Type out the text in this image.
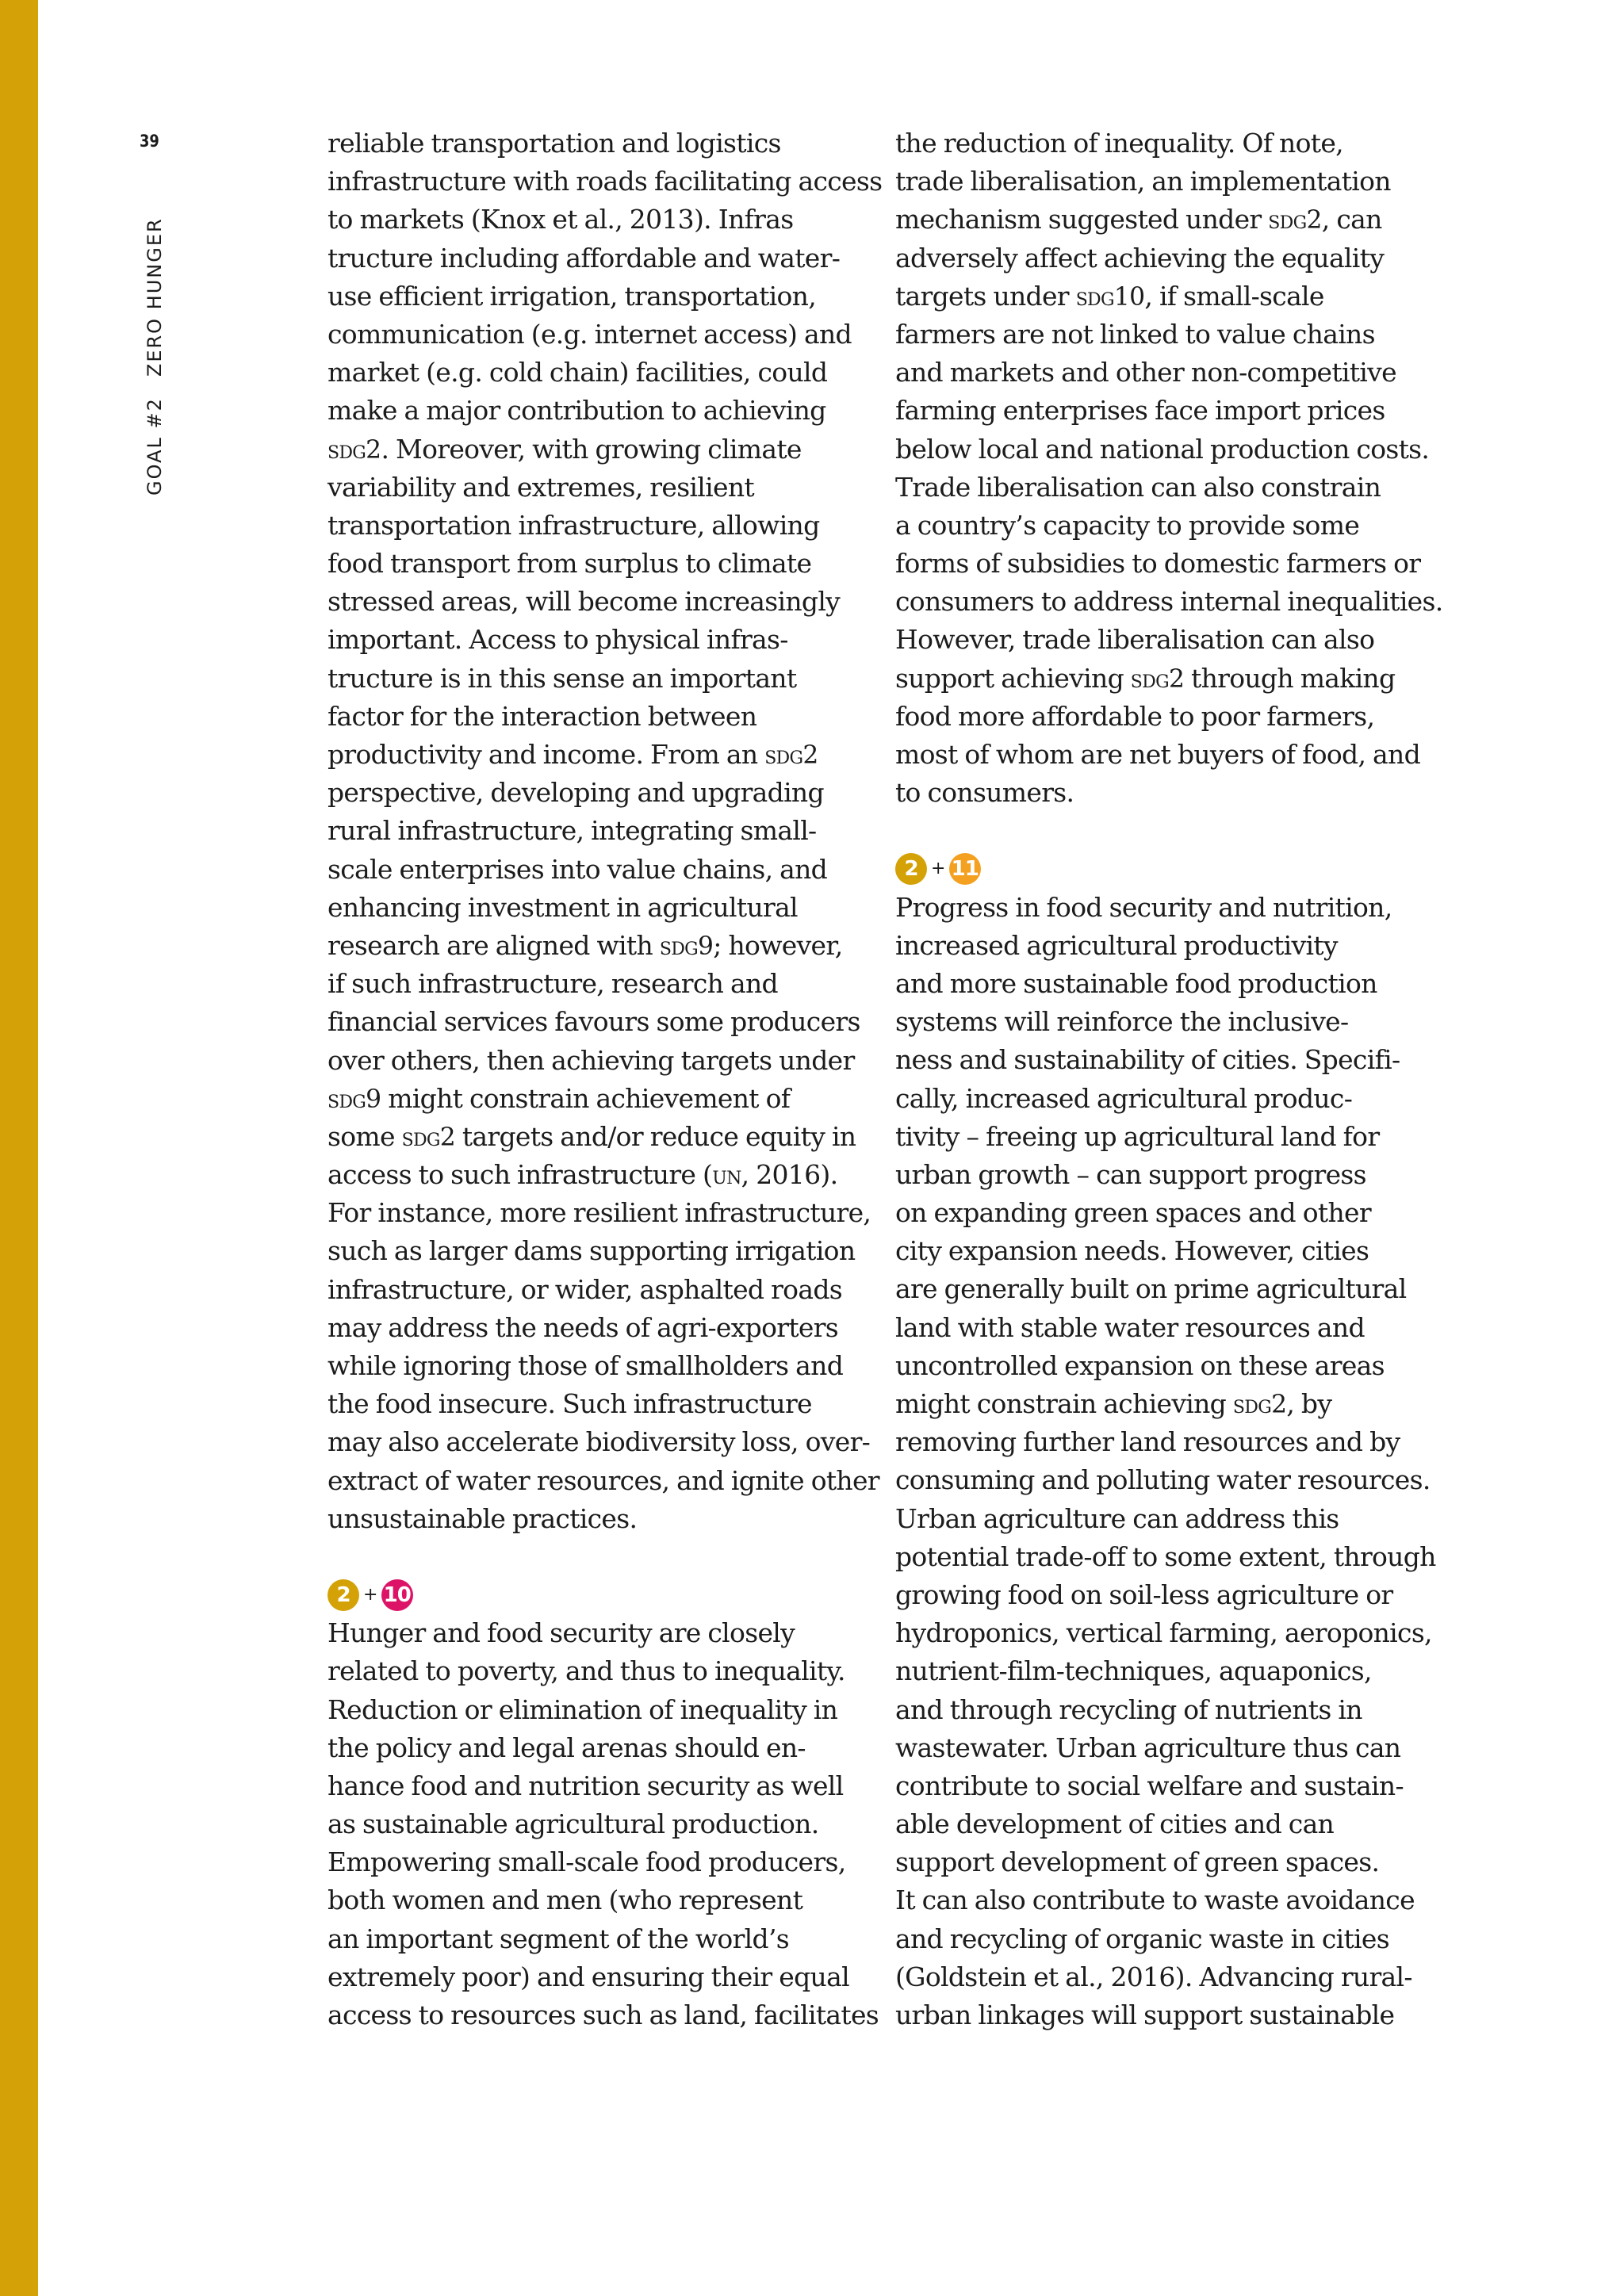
39
GOAL #2ZERO HUNGER
reliable transportation and logistics
infrastructure with roads facilitating access
to markets (Knox et al., 2013). Infras
tructure including affordable and water-
use efficient irrigation, transportation,
communication (e.g. internet access) and
market (e.g. cold chain) facilities, could
make a major contribution to achieving
sdg2. Moreover, with growing climate
variability and extremes, resilient
transportation infrastructure, allowing
food transport from surplus to climate
stressed areas, will become increasingly
important. Access to physical infras-
tructure is in this sense an important
factor for the interaction between
productivity and income. From an sdg2
perspective, developing and upgrading
rural infrastructure, integrating small-
scale enterprises into value chains, and
enhancing investment in agricultural
research are aligned with sdg9; however,
if such infrastructure, research and
financial services favours some producers
over others, then achieving targets under
sdg9 might constrain achievement of
some sdg2 targets and/or reduce equity in
access to such infrastructure (un, 2016).
For instance, more resilient infrastructure,
such as larger dams supporting irrigation
infrastructure, or wider, asphalted roads
may address the needs of agri-exporters
while ignoring those of smallholders and
the food insecure. Such infrastructure
may also accelerate biodiversity loss, over-
extract of water resources, and ignite other
unsustainable practices.
2 + 10
Hunger and food security are closely
related to poverty, and thus to inequality.
Reduction or elimination of inequality in
the policy and legal arenas should en-
hance food and nutrition security as well
as sustainable agricultural production.
Empowering small-scale food producers,
both women and men (who represent
an important segment of the world’s
extremely poor) and ensuring their equal
access to resources such as land, facilitates
the reduction of inequality. Of note,
trade liberalisation, an implementation
mechanism suggested under sdg2, can
adversely affect achieving the equality
targets under sdg10, if small-scale
farmers are not linked to value chains
and markets and other non-competitive
farming enterprises face import prices
below local and national production costs.
Trade liberalisation can also constrain
a country’s capacity to provide some
forms of subsidies to domestic farmers or
consumers to address internal inequalities.
However, trade liberalisation can also
support achieving sdg2 through making
food more affordable to poor farmers,
most of whom are net buyers of food, and
to consumers.
2 + 11
Progress in food security and nutrition,
increased agricultural productivity
and more sustainable food production
systems will reinforce the inclusive-
ness and sustainability of cities. Specifi-
cally, increased agricultural produc-
tivity – freeing up agricultural land for
urban growth – can support progress
on expanding green spaces and other
city expansion needs. However, cities
are generally built on prime agricultural
land with stable water resources and
uncontrolled expansion on these areas
might constrain achieving sdg2, by
removing further land resources and by
consuming and polluting water resources.
Urban agriculture can address this
potential trade-off to some extent, through
growing food on soil-less agriculture or
hydroponics, vertical farming, aeroponics,
nutrient-film-techniques, aquaponics,
and through recycling of nutrients in
wastewater. Urban agriculture thus can
contribute to social welfare and sustain-
able development of cities and can
support development of green spaces.
It can also contribute to waste avoidance
and recycling of organic waste in cities
(Goldstein et al., 2016). Advancing rural-
urban linkages will support sustainable
